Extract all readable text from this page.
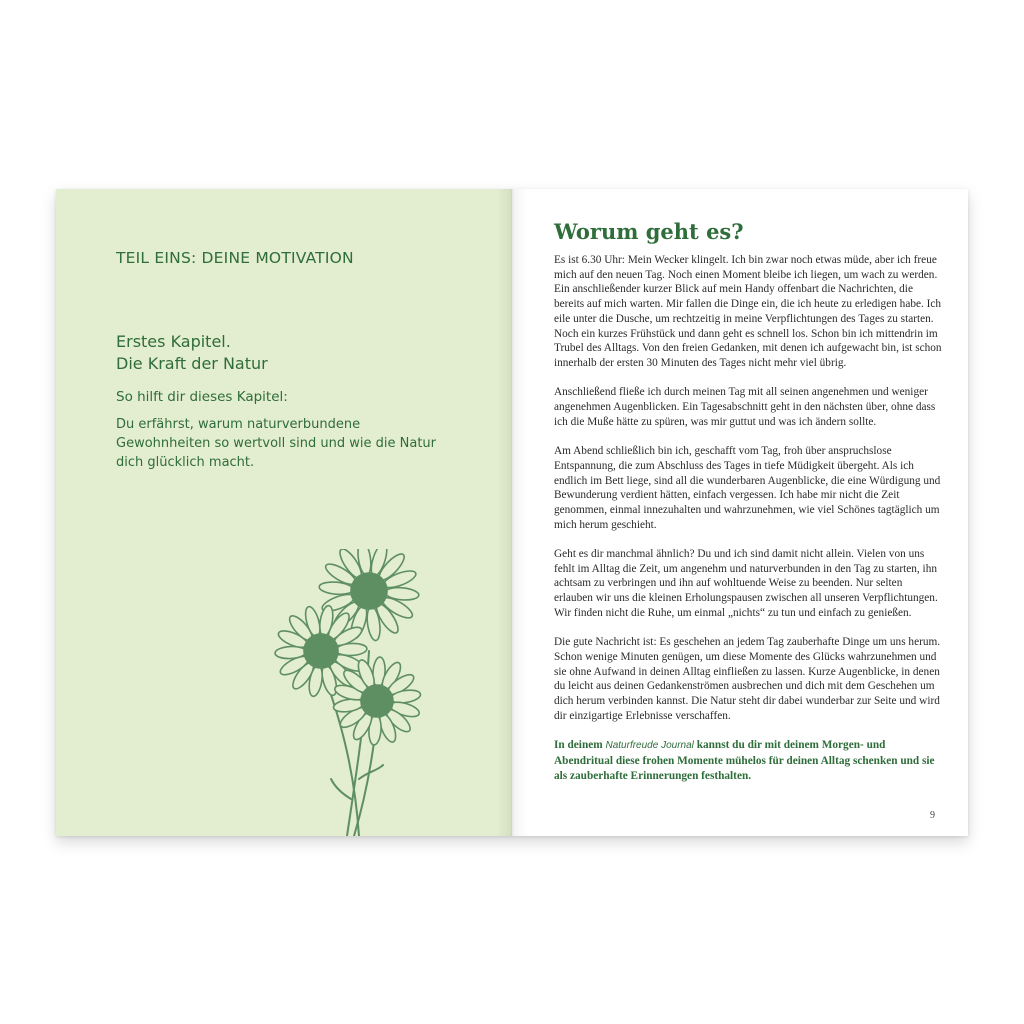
TEIL EINS: DEINE MOTIVATION
Erstes Kapitel.
Die Kraft der Natur
So hilft dir dieses Kapitel:
Du erfährst, warum naturverbundene Gewohnheiten so wertvoll sind und wie die Natur dich glücklich macht.
Worum geht es?

Es ist 6.30 Uhr: Mein Wecker klingelt. Ich bin zwar noch etwas müde, aber ich freue mich auf den neuen Tag. Noch einen Moment bleibe ich liegen, um wach zu werden. Ein anschließender kurzer Blick auf mein Handy offenbart die Nachrichten, die bereits auf mich warten. Mir fallen die Dinge ein, die ich heute zu erledigen habe. Ich eile unter die Dusche, um rechtzeitig in meine Verpflichtungen des Tages zu starten. Noch ein kurzes Frühstück und dann geht es schnell los. Schon bin ich mittendrin im Trubel des Alltags. Von den freien Gedanken, mit denen ich aufgewacht bin, ist schon innerhalb der ersten 30 Minuten des Tages nicht mehr viel übrig.

Anschließend fließe ich durch meinen Tag mit all seinen angenehmen und weniger angenehmen Augenblicken. Ein Tagesabschnitt geht in den nächsten über, ohne dass ich die Muße hätte zu spüren, was mir guttut und was ich ändern sollte.

Am Abend schließlich bin ich, geschafft vom Tag, froh über anspruchslose Entspannung, die zum Abschluss des Tages in tiefe Müdigkeit übergeht. Als ich endlich im Bett liege, sind all die wunderbaren Augenblicke, die eine Würdigung und Bewunderung verdient hätten, einfach vergessen. Ich habe mir nicht die Zeit genommen, einmal innezuhalten und wahrzunehmen, wie viel Schönes tagtäglich um mich herum geschieht.

Geht es dir manchmal ähnlich? Du und ich sind damit nicht allein. Vielen von uns fehlt im Alltag die Zeit, um angenehm und naturverbunden in den Tag zu starten, ihn achtsam zu verbringen und ihn auf wohltuende Weise zu beenden. Nur selten erlauben wir uns die kleinen Erholungspausen zwischen all unseren Verpflichtungen. Wir finden nicht die Ruhe, um einmal „nichts“ zu tun und einfach zu genießen.

Die gute Nachricht ist: Es geschehen an jedem Tag zauberhafte Dinge um uns herum. Schon wenige Minuten genügen, um diese Momente des Glücks wahrzunehmen und sie ohne Aufwand in deinen Alltag einfließen zu lassen. Kurze Augenblicke, in denen du leicht aus deinen Gedankenströmen ausbrechen und dich mit dem Geschehen um dich herum verbinden kannst. Die Natur steht dir dabei wunderbar zur Seite und wird dir einzigartige Erlebnisse verschaffen.

In deinem Naturfreude Journal kannst du dir mit deinem Morgen- und Abendritual diese frohen Momente mühelos für deinen Alltag schenken und sie als zauberhafte Erinnerungen festhalten.

9
